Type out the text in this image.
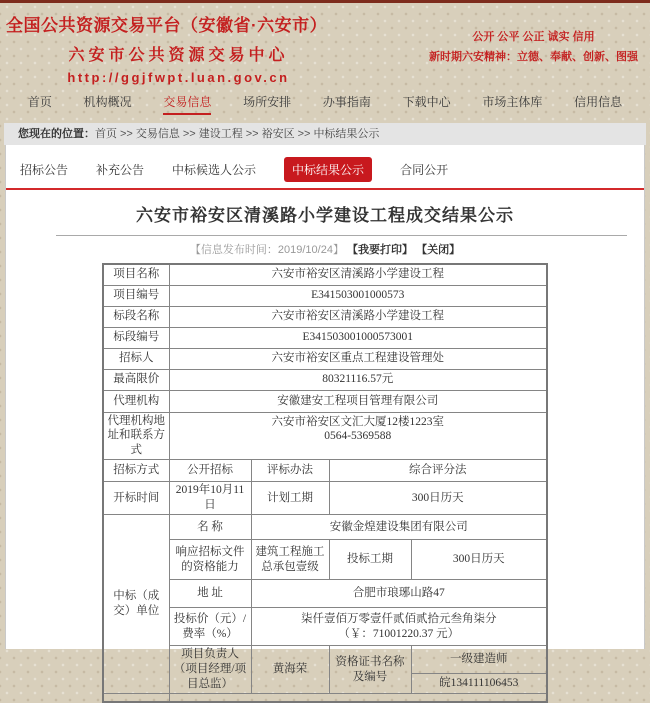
全国公共资源交易平台（安徽省·六安市）
六安市公共资源交易中心
http://ggjfwpt.luan.gov.cn
公开 公平 公正 诚实 信用
新时期六安精神：立德、奉献、创新、图强
首页	机构概况	交易信息	场所安排	办事指南	下载中心	市场主体库	信用信息
您现在的位置：首页 >> 交易信息 >> 建设工程 >> 裕安区 >> 中标结果公示
招标公告 补充公告 中标候选人公示	中标结果公示	合同公开
六安市裕安区清溪路小学建设工程成交结果公示
【信息发布时间：2019/10/24】 【我要打印】 【关闭】
项目名称	六安市裕安区清溪路小学建设工程			
项目编号	E341503001000573			
标段名称	六安市裕安区清溪路小学建设工程			
标段编号	E341503001000573001			
招标人	六安市裕安区重点工程建设管理处			
最高限价	80321116.57元			
代理机构	安徽建安工程项目管理有限公司			
代理机构地址和联系方式	六安市裕安区文汇大厦12楼1223室
0564-5369588			

招标方式	公开招标	评标办法	综合评分法	
开标时间	2019年10月11日	计划工期	300日历天	
中标（成交）单位	名 称	安徽金煌建设集团有限公司		
	响应招标文件的资格能力	建筑工程施工总承包壹级	投标工期	300日历天
	地 址	合肥市琅琊山路47		
	投标价（元）/费率（%）	柒仟壹佰万零壹仟贰佰贰拾元叁角柒分
（￥：71001220.37 元）		

	项目负责人（项目经理/项目总监）	黄海荣	资格证书名称及编号	一级建造师
				皖134111106453
